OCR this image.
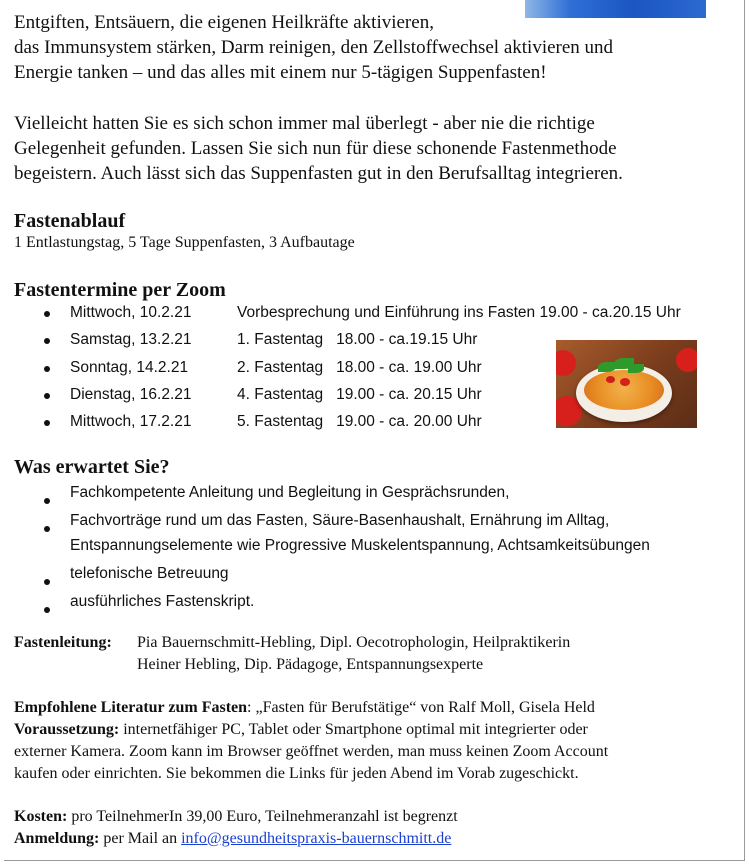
Entgiften, Entsäuern, die eigenen Heilkräfte aktivieren,
das Immunsystem stärken, Darm reinigen, den Zellstoffwechsel aktivieren und
Energie tanken – und das alles mit einem nur 5-tägigen Suppenfasten!
Vielleicht hatten Sie es sich schon immer mal überlegt - aber nie die richtige
Gelegenheit gefunden. Lassen Sie sich nun für diese schonende Fastenmethode
begeistern. Auch lässt sich das Suppenfasten gut in den Berufsalltag integrieren.
Fastenablauf
1 Entlastungstag, 5 Tage Suppenfasten, 3 Aufbautage
Fastentermine per Zoom
Mittwoch, 10.2.21	Vorbesprechung und Einführung ins Fasten 19.00 - ca.20.15 Uhr
Samstag, 13.2.21	1. Fastentag   18.00 - ca.19.15 Uhr
Sonntag, 14.2.21	2. Fastentag   18.00 - ca. 19.00 Uhr
Dienstag, 16.2.21	4. Fastentag   19.00 - ca. 20.15 Uhr
Mittwoch, 17.2.21	5. Fastentag   19.00 - ca. 20.00 Uhr
Was erwartet Sie?
Fachkompetente Anleitung und Begleitung in Gesprächsrunden,
Fachvorträge rund um das Fasten, Säure-Basenhaushalt, Ernährung im Alltag,
Entspannungselemente wie Progressive Muskelentspannung, Achtsamkeitsübungen
telefonische Betreuung
ausführliches Fastenskript.
Fastenleitung: Pia Bauernschmitt-Hebling, Dipl. Oecotrophologin, Heilpraktikerin
Heiner Hebling, Dip. Pädagoge, Entspannungsexperte
Empfohlene Literatur zum Fasten: „Fasten für Berufstätige“ von Ralf Moll, Gisela Held
Voraussetzung: internetfähiger PC, Tablet oder Smartphone optimal mit integrierter oder
externer Kamera. Zoom kann im Browser geöffnet werden, man muss keinen Zoom Account
kaufen oder einrichten. Sie bekommen die Links für jeden Abend im Vorab zugeschickt.
Kosten: pro TeilnehmerIn 39,00 Euro, Teilnehmeranzahl ist begrenzt
Anmeldung: per Mail an info@gesundheitspraxis-bauernschmitt.de
